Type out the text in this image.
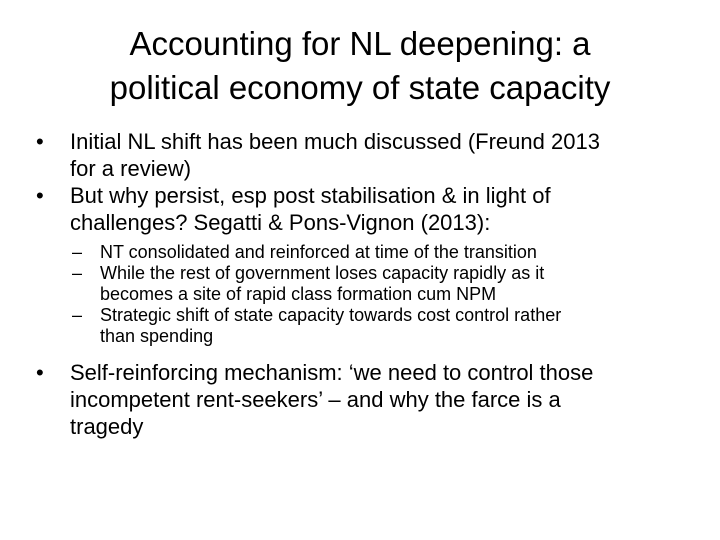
Accounting for NL deepening: a
political economy of state capacity
•	Initial NL shift has been much discussed (Freund 2013
for a review)
•	But why persist, esp post stabilisation & in light of
challenges? Segatti & Pons-Vignon (2013):
– NT consolidated and reinforced at time of the transition
– While the rest of government loses capacity rapidly as it
becomes a site of rapid class formation cum NPM
– Strategic shift of state capacity towards cost control rather
than spending
•	Self-reinforcing mechanism: ‘we need to control those
incompetent rent-seekers’ – and why the farce is a
tragedy
